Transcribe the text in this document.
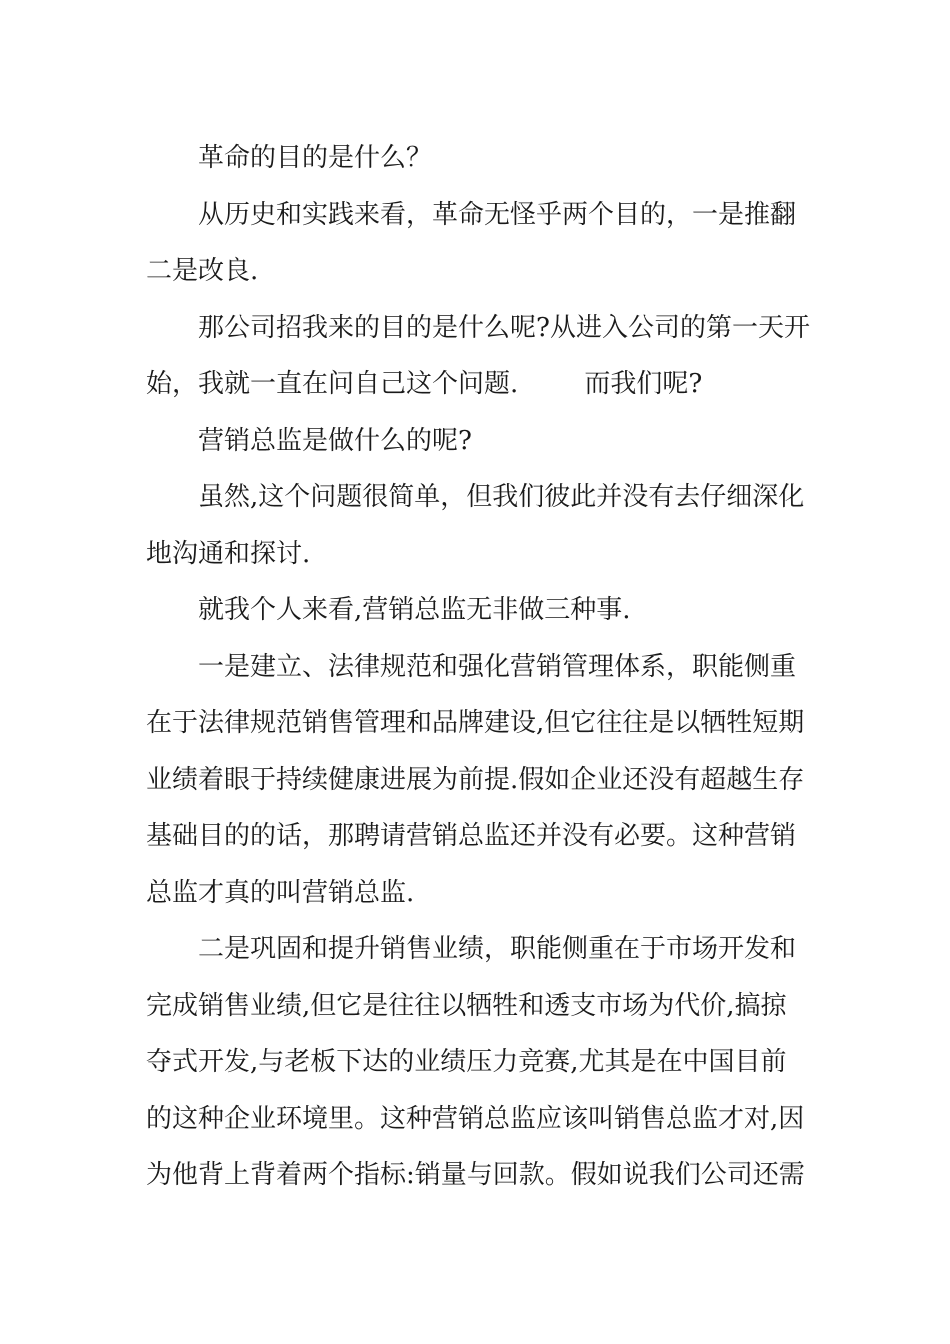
革命的目的是什么？
从历史和实践来看，革命无怪乎两个目的，一是推翻
二是改良.
那公司招我来的目的是什么呢?从进入公司的第一天开
始，我就一直在问自己这个问题.        而我们呢?
营销总监是做什么的呢?
虽然,这个问题很简单，但我们彼此并没有去仔细深化
地沟通和探讨.
就我个人来看,营销总监无非做三种事.
一是建立、法律规范和强化营销管理体系，职能侧重
在于法律规范销售管理和品牌建设,但它往往是以牺牲短期
业绩着眼于持续健康进展为前提.假如企业还没有超越生存
基础目的的话，那聘请营销总监还并没有必要。这种营销
总监才真的叫营销总监.
二是巩固和提升销售业绩，职能侧重在于市场开发和
完成销售业绩,但它是往往以牺牲和透支市场为代价,搞掠
夺式开发,与老板下达的业绩压力竞赛,尤其是在中国目前
的这种企业环境里。这种营销总监应该叫销售总监才对,因
为他背上背着两个指标:销量与回款。假如说我们公司还需
